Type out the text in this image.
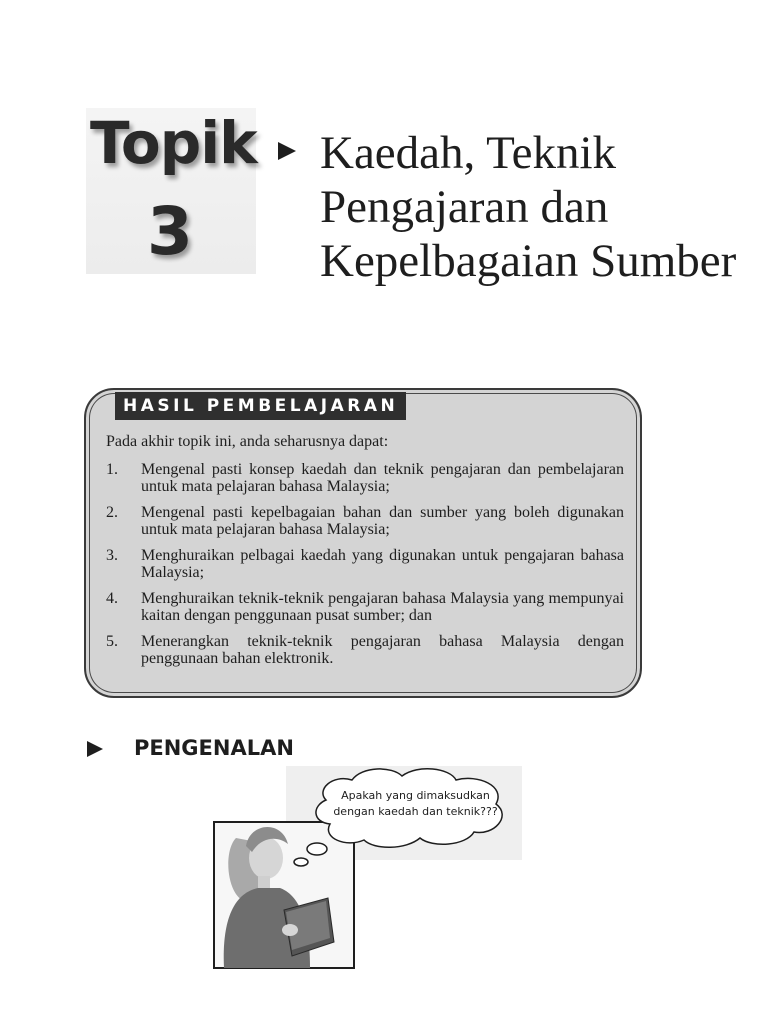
Topik
3
Kaedah, Teknik Pengajaran dan Kepelbagaian Sumber
HASIL PEMBELAJARAN
Pada akhir topik ini, anda seharusnya dapat:
1. Mengenal pasti konsep kaedah dan teknik pengajaran dan pembelajaran untuk mata pelajaran bahasa Malaysia;
2. Mengenal pasti kepelbagaian bahan dan sumber yang boleh digunakan untuk mata pelajaran bahasa Malaysia;
3. Menghuraikan pelbagai kaedah yang digunakan untuk pengajaran bahasa Malaysia;
4. Menghuraikan teknik-teknik pengajaran bahasa Malaysia yang mempunyai kaitan dengan penggunaan pusat sumber; dan
5. Menerangkan teknik-teknik pengajaran bahasa Malaysia dengan penggunaan bahan elektronik.
PENGENALAN
Apakah yang dimaksudkan dengan kaedah dan teknik???
